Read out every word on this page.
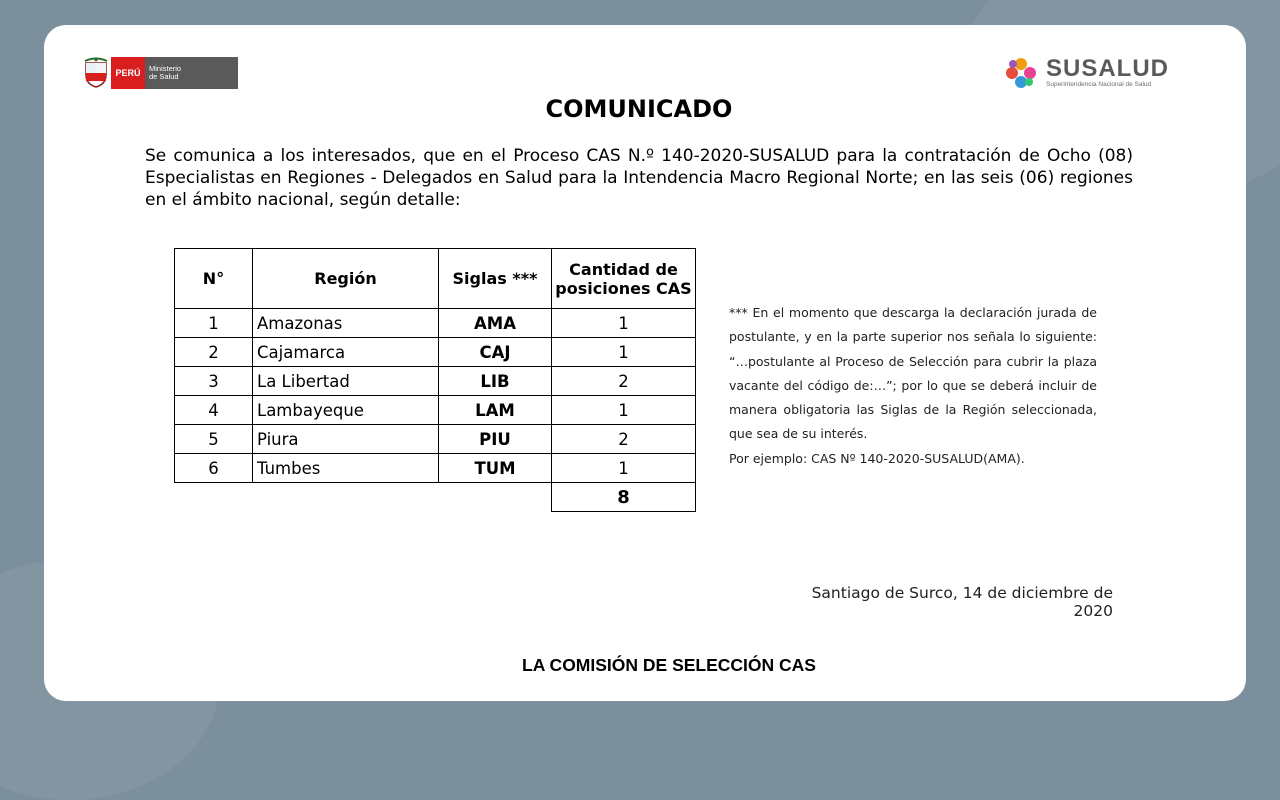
PERÚ	Ministerio
de Salud	SUSALUD
Superintendencia Nacional de Salud
COMUNICADO
Se comunica a los interesados, que en el Proceso CAS N.º 140-2020-SUSALUD para la contratación de Ocho (08) Especialistas en Regiones - Delegados en Salud para la Intendencia Macro Regional Norte; en las seis (06) regiones en el ámbito nacional, según detalle:
N°	Región	Siglas ***	Cantidad de posiciones CAS
1	Amazonas	AMA	1
2	Cajamarca	CAJ	1
3	La Libertad	LIB	2
4	Lambayeque	LAM	1
5	Piura	PIU	2
6	Tumbes	TUM	1
			8

*** En el momento que descarga la declaración jurada de postulante, y en la parte superior nos señala lo siguiente: “…postulante al Proceso de Selección para cubrir la plaza vacante del código de:…”; por lo que se deberá incluir de manera obligatoria las Siglas de la Región seleccionada, que sea de su interés.

Por ejemplo: CAS Nº 140-2020-SUSALUD(AMA).

Santiago de Surco, 14 de diciembre de 2020
LA COMISIÓN DE SELECCIÓN CAS
